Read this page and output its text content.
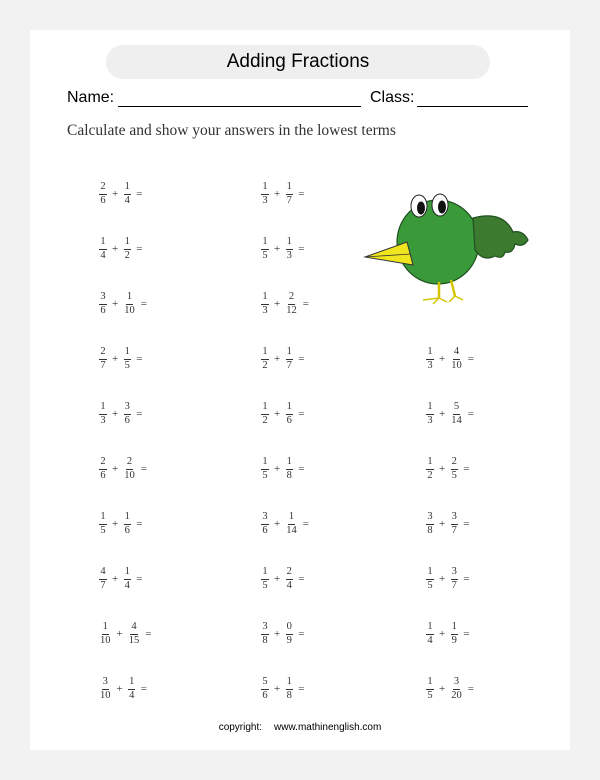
Adding Fractions
Name:	Class:
Calculate and show your answers in the lowest terms
$\frac{2}{6} + \frac{1}{4}$ =
$\frac{1}{4} + \frac{1}{2}$ =
$\frac{3}{6} + \frac{1}{10}$ =
$\frac{2}{7} + \frac{1}{5}$ =
$\frac{1}{3} + \frac{3}{6}$ =
$\frac{2}{6} + \frac{2}{10}$ =
$\frac{1}{5} + \frac{1}{6}$ =
$\frac{4}{7} + \frac{1}{4}$ =
$\frac{1}{10} + \frac{4}{15}$ =
$\frac{3}{10} + \frac{1}{4}$ =
$\frac{1}{3} + \frac{1}{7}$ =
$\frac{1}{5} + \frac{1}{3}$ =
$\frac{1}{3} + \frac{2}{12}$ =
$\frac{1}{2} + \frac{1}{7}$ =
$\frac{1}{2} + \frac{1}{6}$ =
$\frac{1}{5} + \frac{1}{8}$ =
$\frac{3}{6} + \frac{1}{14}$ =
$\frac{1}{5} + \frac{2}{4}$ =
$\frac{3}{8} + \frac{0}{9}$ =
$\frac{5}{6} + \frac{1}{8}$ =
$\frac{1}{3} + \frac{4}{10}$ =
$\frac{1}{3} + \frac{5}{14}$ =
$\frac{1}{2} + \frac{2}{5}$ =
$\frac{3}{8} + \frac{3}{7}$ =
$\frac{1}{5} + \frac{3}{7}$ =
$\frac{1}{4} + \frac{1}{9}$ =
$\frac{1}{5} + \frac{3}{20}$ =
copyright: www.mathinenglish.com
